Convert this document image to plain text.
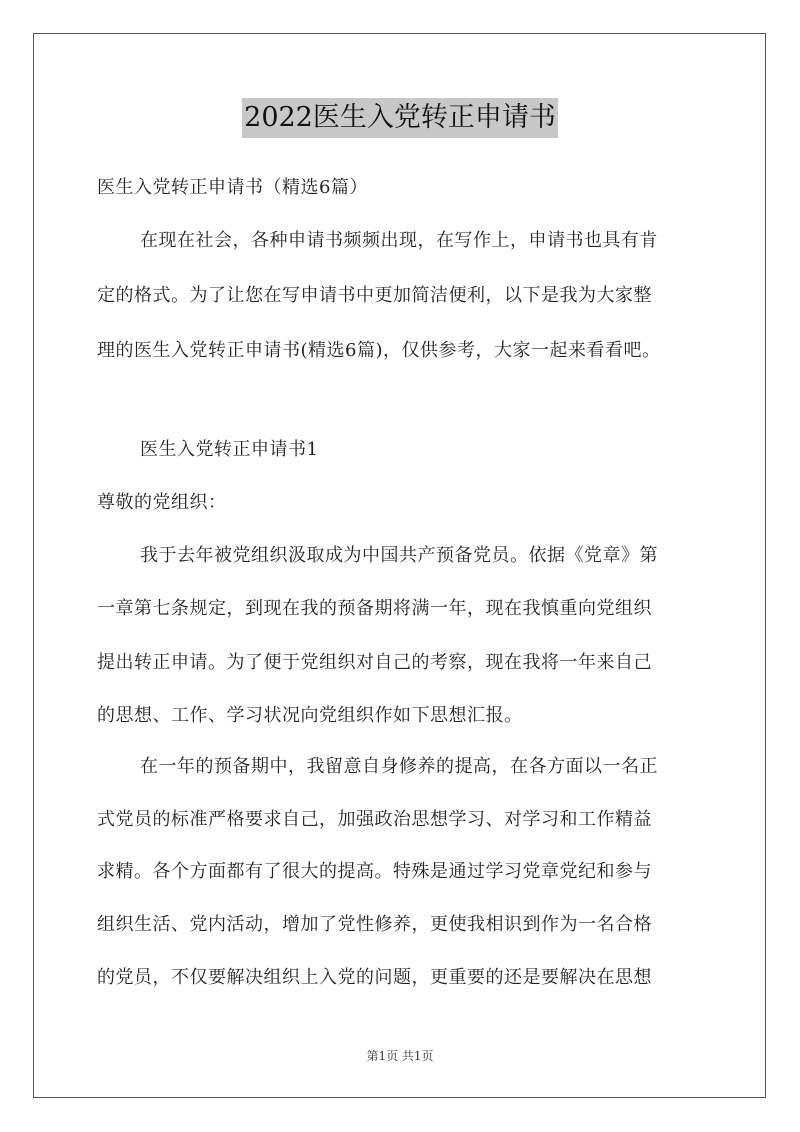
2022医生入党转正申请书
医生入党转正申请书（精选6篇）
在现在社会，各种申请书频频出现，在写作上，申请书也具有肯
定的格式。为了让您在写申请书中更加简洁便利，以下是我为大家整
理的医生入党转正申请书(精选6篇)，仅供参考，大家一起来看看吧。
医生入党转正申请书1
尊敬的党组织：
我于去年被党组织汲取成为中国共产预备党员。依据《党章》第
一章第七条规定，到现在我的预备期将满一年，现在我慎重向党组织
提出转正申请。为了便于党组织对自己的考察，现在我将一年来自己
的思想、工作、学习状况向党组织作如下思想汇报。
在一年的预备期中，我留意自身修养的提高，在各方面以一名正
式党员的标准严格要求自己，加强政治思想学习、对学习和工作精益
求精。各个方面都有了很大的提高。特殊是通过学习党章党纪和参与
组织生活、党内活动，增加了党性修养，更使我相识到作为一名合格
的党员，不仅要解决组织上入党的问题，更重要的还是要解决在思想
第1页 共1页
